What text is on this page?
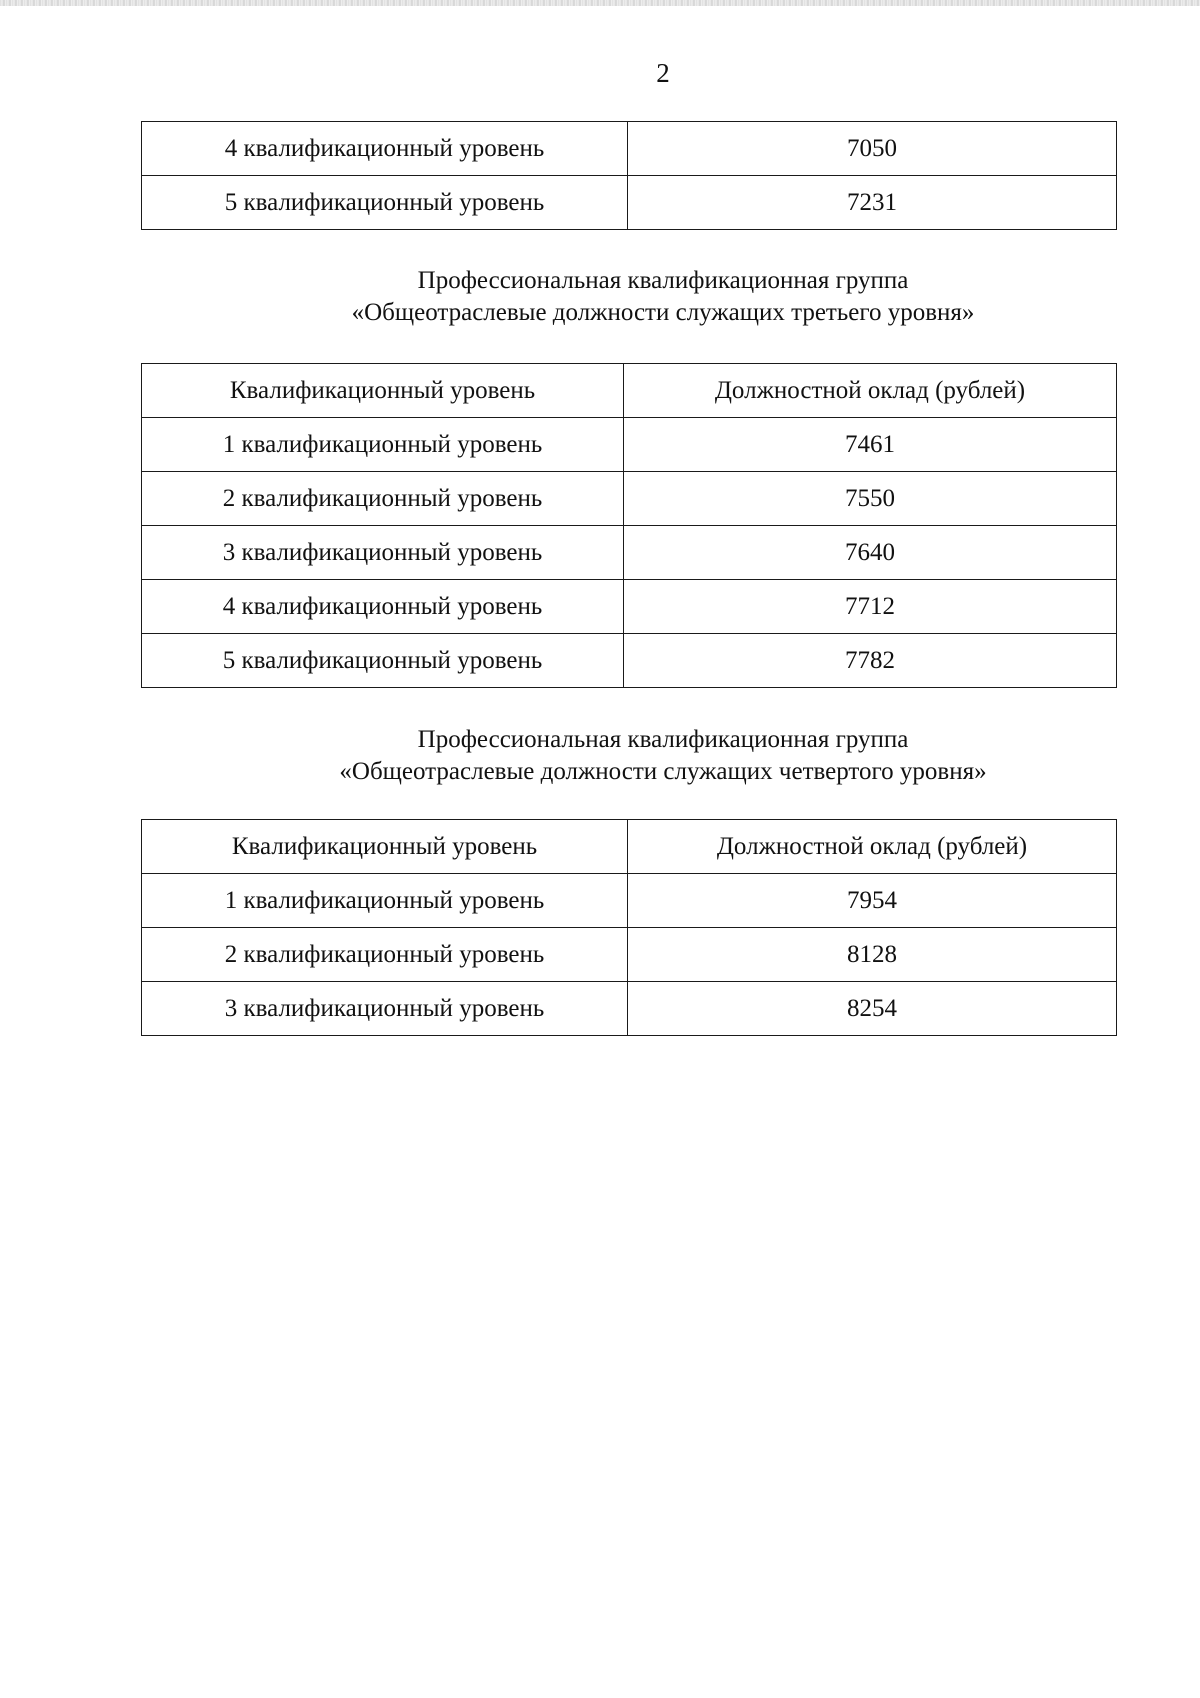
2
4 квалификационный уровень	7050
5 квалификационный уровень	7231
Профессиональная квалификационная группа
«Общеотраслевые должности служащих третьего уровня»
Квалификационный уровень	Должностной оклад (рублей)
1 квалификационный уровень	7461
2 квалификационный уровень	7550
3 квалификационный уровень	7640
4 квалификационный уровень	7712
5 квалификационный уровень	7782
Профессиональная квалификационная группа
«Общеотраслевые должности служащих четвертого уровня»
Квалификационный уровень	Должностной оклад (рублей)
1 квалификационный уровень	7954
2 квалификационный уровень	8128
3 квалификационный уровень	8254
